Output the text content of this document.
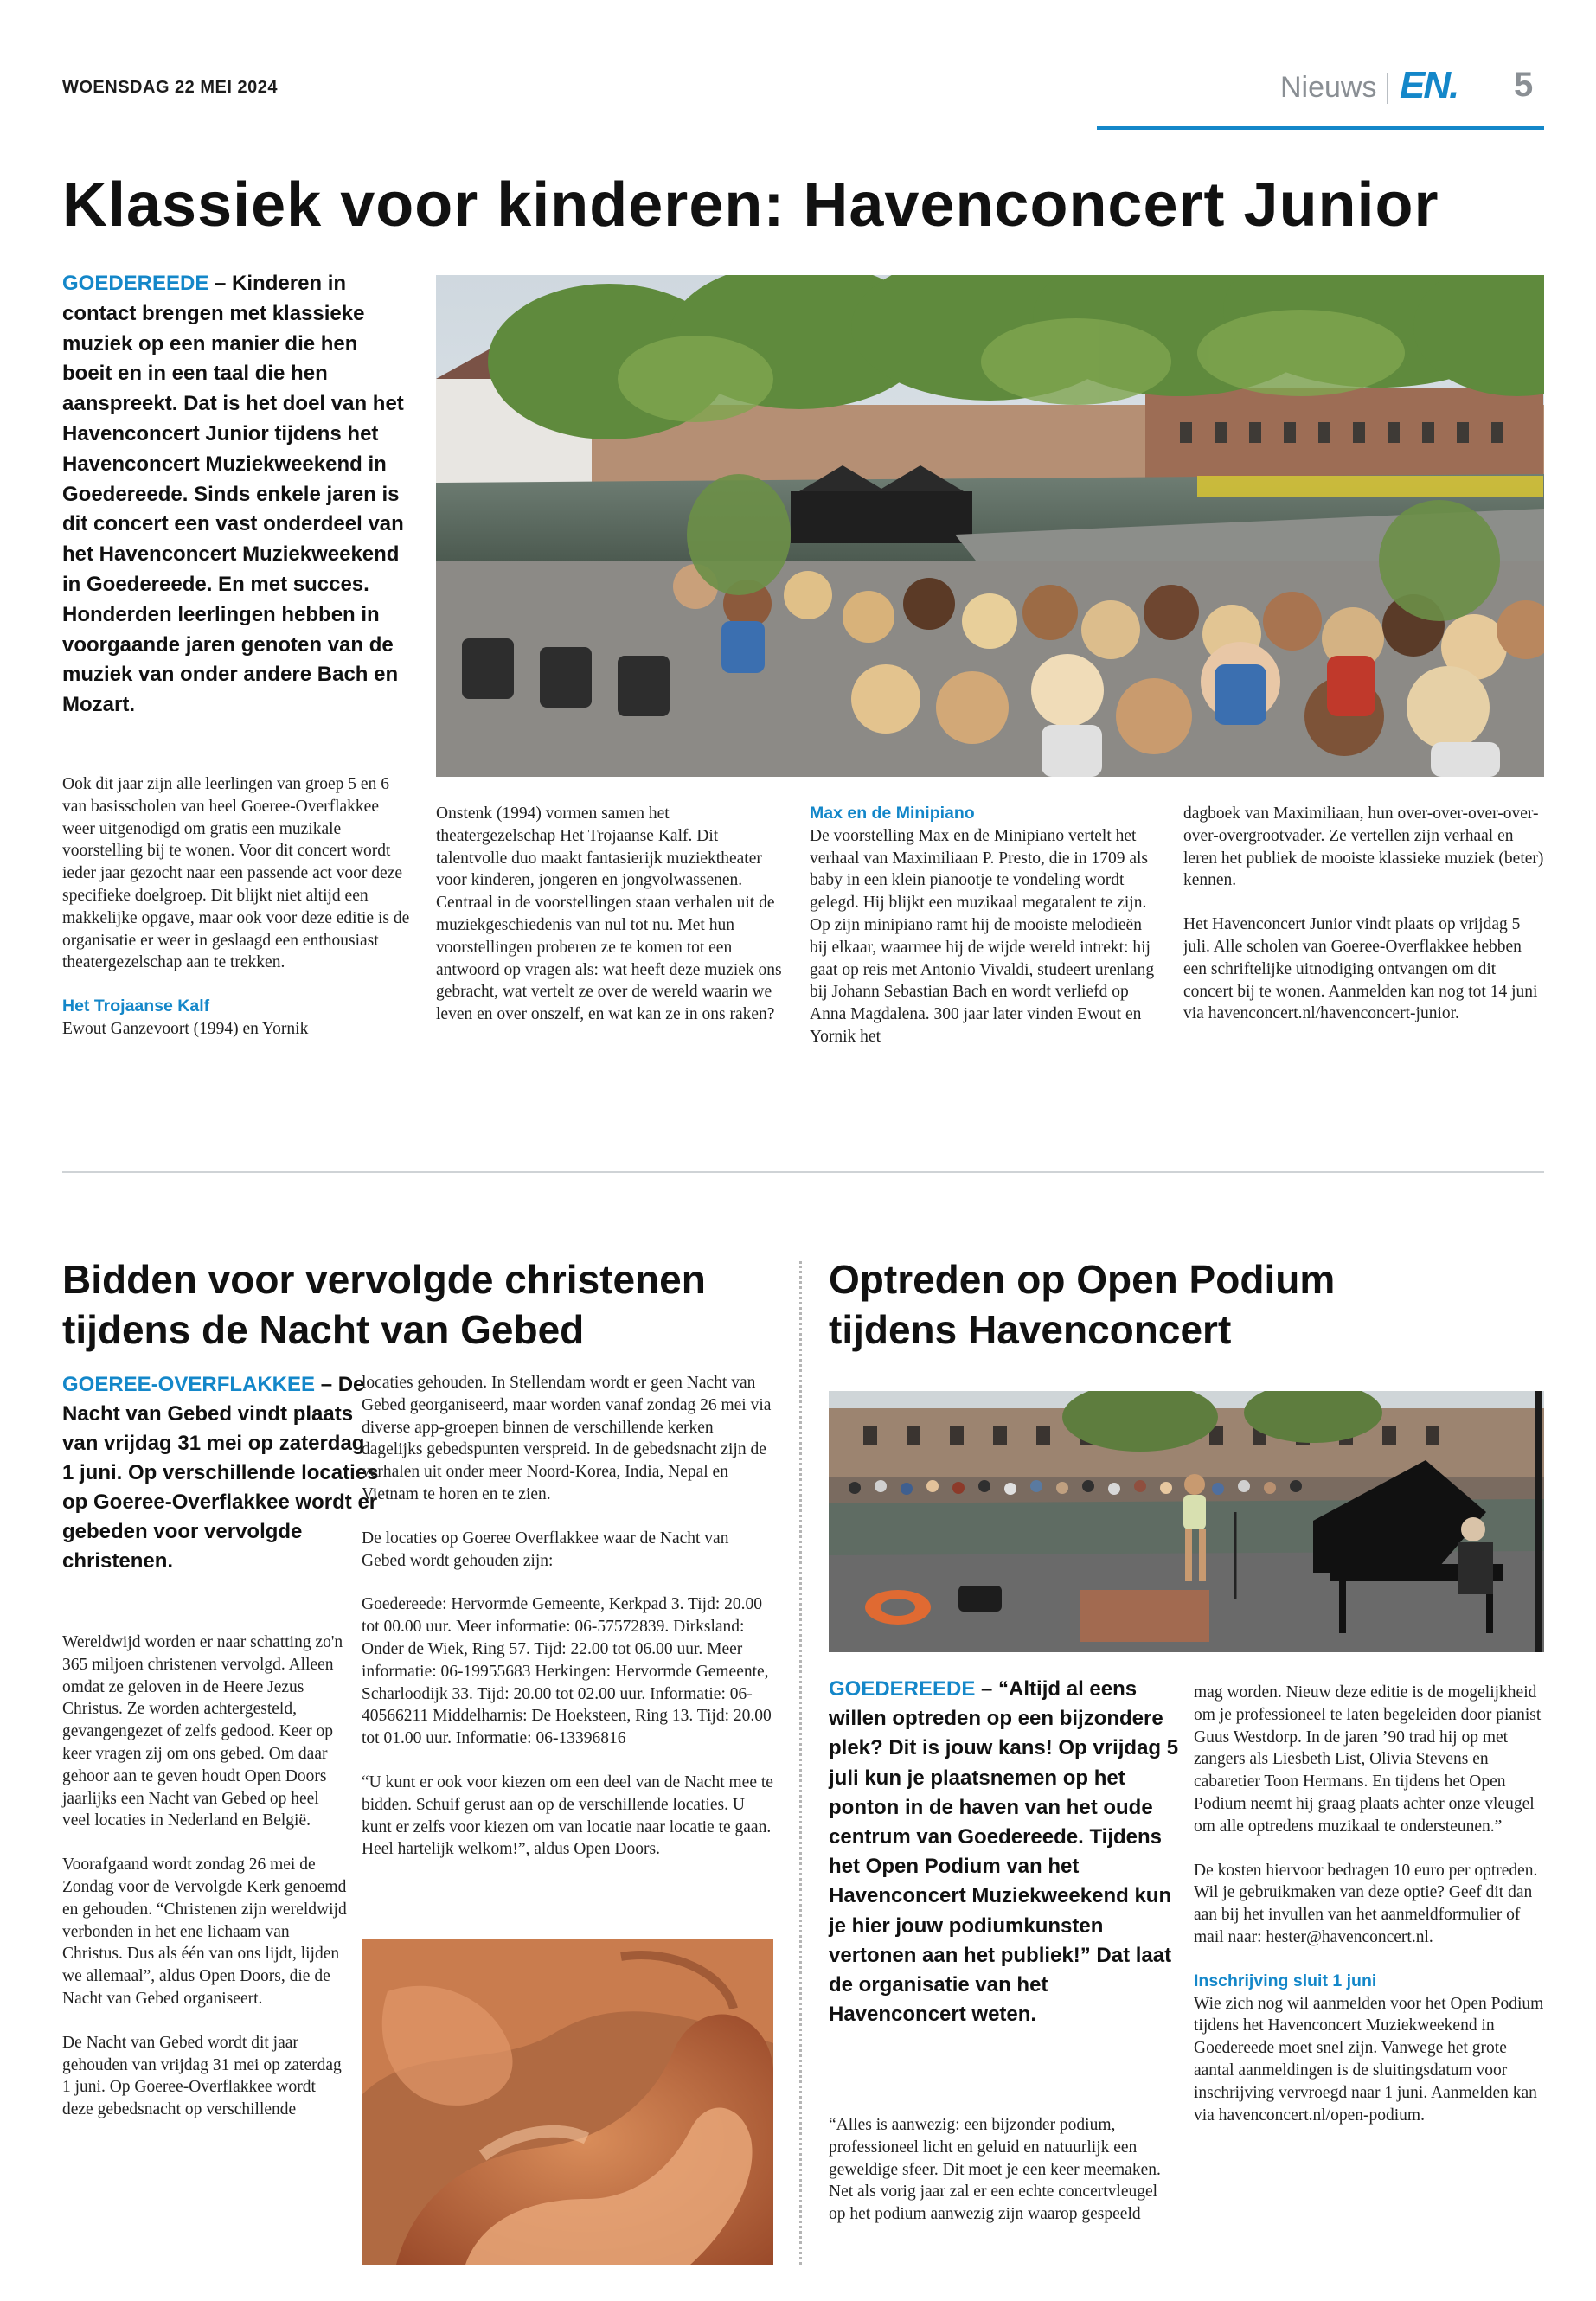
WOENSDAG 22 MEI 2024	Nieuws EN. 5
Klassiek voor kinderen: Havenconcert Junior
GOEDEREEDE – Kinderen in contact brengen met klassieke muziek op een manier die hen boeit en in een taal die hen aanspreekt. Dat is het doel van het Havenconcert Junior tijdens het Havenconcert Muziekweekend in Goedereede. Sinds enkele jaren is dit concert een vast onderdeel van het Havenconcert Muziekweekend in Goedereede. En met succes. Honderden leerlingen hebben in voorgaande jaren genoten van de muziek van onder andere Bach en Mozart.

Ook dit jaar zijn alle leerlingen van groep 5 en 6 van basisscholen van heel Goeree-Overflakkee weer uitgenodigd om gratis een muzikale voorstelling bij te wonen. Voor dit concert wordt ieder jaar gezocht naar een passende act voor deze specifieke doelgroep. Dit blijkt niet altijd een makkelijke opgave, maar ook voor deze editie is de organisatie er weer in geslaagd een enthousiast theatergezelschap aan te trekken.

Het Trojaanse Kalf
Ewout Ganzevoort (1994) en Yornik
Onstenk (1994) vormen samen het theatergezelschap Het Trojaanse Kalf. Dit talentvolle duo maakt fantasierijk muziektheater voor kinderen, jongeren en jongvolwassenen. Centraal in de voorstellingen staan verhalen uit de muziekgeschiedenis van nul tot nu. Met hun voorstellingen proberen ze te komen tot een antwoord op vragen als: wat heeft deze muziek ons gebracht, wat vertelt ze over de wereld waarin we leven en over onszelf, en wat kan ze in ons raken?
Max en de Minipiano
De voorstelling Max en de Minipiano vertelt het verhaal van Maximiliaan P. Presto, die in 1709 als baby in een klein pianootje te vondeling wordt gelegd. Hij blijkt een muzikaal megatalent te zijn. Op zijn minipiano ramt hij de mooiste melodieën bij elkaar, waarmee hij de wijde wereld intrekt: hij gaat op reis met Antonio Vivaldi, studeert urenlang bij Johann Sebastian Bach en wordt verliefd op Anna Magdalena. 300 jaar later vinden Ewout en Yornik het

dagboek van Maximiliaan, hun over-over-over-over-over-overgrootvader. Ze vertellen zijn verhaal en leren het publiek de mooiste klassieke muziek (beter) kennen.

Het Havenconcert Junior vindt plaats op vrijdag 5 juli. Alle scholen van Goeree-Overflakkee hebben een schriftelijke uitnodiging ontvangen om dit concert bij te wonen. Aanmelden kan nog tot 14 juni via havenconcert.nl/havenconcert-junior.
Bidden voor vervolgde christenen
tijdens de Nacht van Gebed
GOEREE-OVERFLAKKEE – De Nacht van Gebed vindt plaats van vrijdag 31 mei op zaterdag 1 juni. Op verschillende locaties op Goeree-Overflakkee wordt er gebeden voor vervolgde christenen.

Wereldwijd worden er naar schatting zo'n 365 miljoen christenen vervolgd. Alleen omdat ze geloven in de Heere Jezus Christus. Ze worden achtergesteld, gevangengezet of zelfs gedood. Keer op keer vragen zij om ons gebed. Om daar gehoor aan te geven houdt Open Doors jaarlijks een Nacht van Gebed op heel veel locaties in Nederland en België.

Voorafgaand wordt zondag 26 mei de Zondag voor de Vervolgde Kerk genoemd en gehouden. “Christenen zijn wereldwijd verbonden in het ene lichaam van Christus. Dus als één van ons lijdt, lijden we allemaal”, aldus Open Doors, die de Nacht van Gebed organiseert.

De Nacht van Gebed wordt dit jaar gehouden van vrijdag 31 mei op zaterdag 1 juni. Op Goeree-Overflakkee wordt deze gebedsnacht op verschillende

locaties gehouden. In Stellendam wordt er geen Nacht van Gebed georganiseerd, maar worden vanaf zondag 26 mei via diverse app-groepen binnen de verschillende kerken dagelijks gebedspunten verspreid. In de gebedsnacht zijn de verhalen uit onder meer Noord-Korea, India, Nepal en Vietnam te horen en te zien.

De locaties op Goeree Overflakkee waar de Nacht van Gebed wordt gehouden zijn:

Goedereede: Hervormde Gemeente, Kerkpad 3. Tijd: 20.00 tot 00.00 uur. Meer informatie: 06-57572839. Dirksland: Onder de Wiek, Ring 57. Tijd: 22.00 tot 06.00 uur. Meer informatie: 06-19955683 Herkingen: Hervormde Gemeente, Scharloodijk 33. Tijd: 20.00 tot 02.00 uur. Informatie: 06-40566211 Middelharnis: De Hoeksteen, Ring 13. Tijd: 20.00 tot 01.00 uur. Informatie: 06-13396816

“U kunt er ook voor kiezen om een deel van de Nacht mee te bidden. Schuif gerust aan op de verschillende locaties. U kunt er zelfs voor kiezen om van locatie naar locatie te gaan. Heel hartelijk welkom!”, aldus Open Doors.
Optreden op Open Podium
tijdens Havenconcert
GOEDEREEDE – “Altijd al eens willen optreden op een bijzondere plek? Dit is jouw kans! Op vrijdag 5 juli kun je plaatsnemen op het ponton in de haven van het oude centrum van Goedereede. Tijdens het Open Podium van het Havenconcert Muziekweekend kun je hier jouw podiumkunsten vertonen aan het publiek!” Dat laat de organisatie van het Havenconcert weten.
“Alles is aanwezig: een bijzonder podium, professioneel licht en geluid en natuurlijk een geweldige sfeer. Dit moet je een keer meemaken. Net als vorig jaar zal er een echte concertvleugel op het podium aanwezig zijn waarop gespeeld

mag worden. Nieuw deze editie is de mogelijkheid om je professioneel te laten begeleiden door pianist Guus Westdorp. In de jaren ’90 trad hij op met zangers als Liesbeth List, Olivia Stevens en cabaretier Toon Hermans. En tijdens het Open Podium neemt hij graag plaats achter onze vleugel om alle optredens muzikaal te ondersteunen.”

De kosten hiervoor bedragen 10 euro per optreden. Wil je gebruikmaken van deze optie? Geef dit dan aan bij het invullen van het aanmeldformulier of mail naar: hester@havenconcert.nl.

Inschrijving sluit 1 juni
Wie zich nog wil aanmelden voor het Open Podium tijdens het Havenconcert Muziekweekend in Goedereede moet snel zijn. Vanwege het grote aantal aanmeldingen is de sluitingsdatum voor inschrijving vervroegd naar 1 juni. Aanmelden kan via havenconcert.nl/open-podium.
